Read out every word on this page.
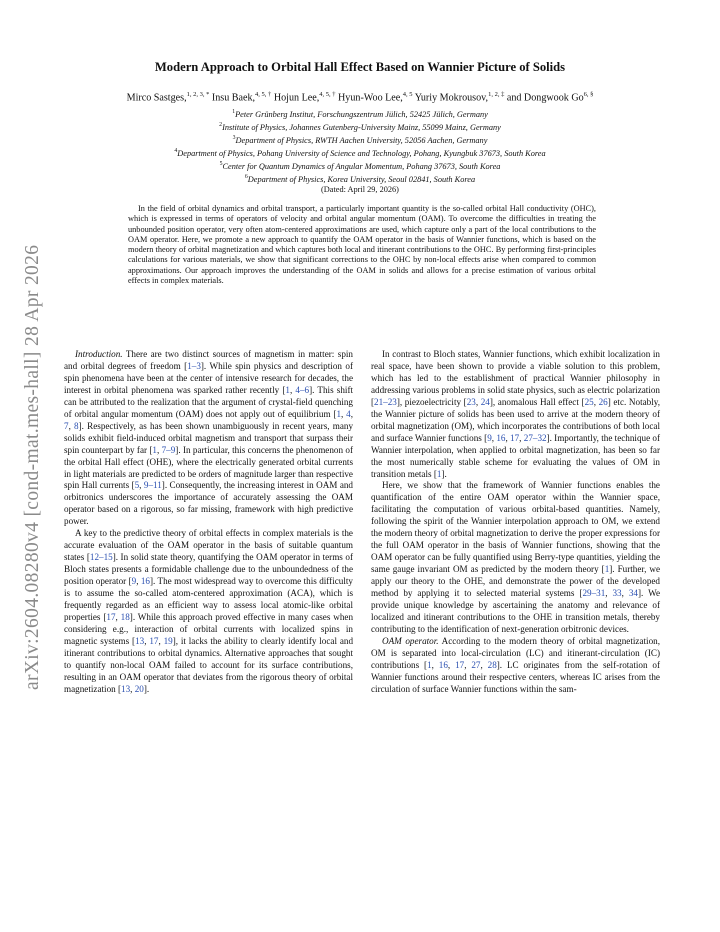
arXiv:2604.08280v4 [cond-mat.mes-hall] 28 Apr 2026
Modern Approach to Orbital Hall Effect Based on Wannier Picture of Solids
Mirco Sastges,$^{1, 2, 3, *}$ Insu Baek,$^{4, 5, \dagger}$ Hojun Lee,$^{4, 5, \dagger}$ Hyun-Woo Lee,$^{4, 5}$ Yuriy Mokrousov,$^{1, 2, \ddagger}$ and Dongwook $Go^{6, \S}$
$^1$Peter Grünberg Institut, Forschungszentrum Jülich, 52425 Jülich, Germany
$^2$Institute of Physics, Johannes Gutenberg-University Mainz, 55099 Mainz, Germany
$^3$Department of Physics, RWTH Aachen University, 52056 Aachen, Germany
$^4$Department of Physics, Pohang University of Science and Technology, Pohang, Kyungbuk 37673, South Korea
$^5$Center for Quantum Dynamics of Angular Momentum, Pohang 37673, South Korea
$^6$Department of Physics, Korea University, Seoul 02841, South Korea
(Dated: April 29, 2026)
In the field of orbital dynamics and orbital transport, a particularly important quantity is the so-called orbital Hall conductivity (OHC), which is expressed in terms of operators of velocity and orbital angular momentum (OAM). To overcome the difficulties in treating the unbounded position operator, very often atom-centered approximations are used, which capture only a part of the local contributions to the OAM operator. Here, we promote a new approach to quantify the OAM operator in the basis of Wannier functions, which is based on the modern theory of orbital magnetization and which captures both local and itinerant contributions to the OHC. By performing first-principles calculations for various materials, we show that significant corrections to the OHC by non-local effects arise when compared to common approximations. Our approach improves the understanding of the OAM in solids and allows for a precise estimation of various orbital effects in complex materials.

Introduction. There are two distinct sources of magnetism in matter: spin and orbital degrees of freedom [1–3]. While spin physics and description of spin phenomena have been at the center of intensive research for decades, the interest in orbital phenomena was sparked rather recently [1, 4–6]. This shift can be attributed to the realization that the argument of crystal-field quenching of orbital angular momentum (OAM) does not apply out of equilibrium [1, 4, 7, 8]. Respectively, as has been shown unambiguously in recent years, many solids exhibit field-induced orbital magnetism and transport that surpass their spin counterpart by far [1, 7–9]. In particular, this concerns the phenomenon of the orbital Hall effect (OHE), where the electrically generated orbital currents in light materials are predicted to be orders of magnitude larger than respective spin Hall currents [5, 9–11]. Consequently, the increasing interest in OAM and orbitronics underscores the importance of accurately assessing the OAM operator based on a rigorous, so far missing, framework with high predictive power.

A key to the predictive theory of orbital effects in complex materials is the accurate evaluation of the OAM operator in the basis of suitable quantum states [12–15]. In solid state theory, quantifying the OAM operator in terms of Bloch states presents a formidable challenge due to the unboundedness of the position operator [9, 16]. The most widespread way to overcome this difficulty is to assume the so-called atom-centered approximation (ACA), which is frequently regarded as an efficient way to assess local atomic-like orbital properties [17, 18]. While this approach proved effective in many cases when considering e.g., interaction of orbital currents with localized spins in magnetic systems [13, 17, 19], it lacks the ability to clearly identify local and itinerant contributions to orbital dynamics. Alternative approaches that sought to quantify non-local OAM failed to account for its surface contributions, resulting in an OAM operator that deviates from the rigorous theory of orbital magnetization [13, 20].

In contrast to Bloch states, Wannier functions, which exhibit localization in real space, have been shown to provide a viable solution to this problem, which has led to the establishment of practical Wannier philosophy in addressing various problems in solid state physics, such as electric polarization [21–23], piezoelectricity [23, 24], anomalous Hall effect [25, 26] etc. Notably, the Wannier picture of solids has been used to arrive at the modern theory of orbital magnetization (OM), which incorporates the contributions of both local and surface Wannier functions [9, 16, 17, 27–32]. Importantly, the technique of Wannier interpolation, when applied to orbital magnetization, has been so far the most numerically stable scheme for evaluating the values of OM in transition metals [1].

Here, we show that the framework of Wannier functions enables the quantification of the entire OAM operator within the Wannier space, facilitating the computation of various orbital-based quantities. Namely, following the spirit of the Wannier interpolation approach to OM, we extend the modern theory of orbital magnetization to derive the proper expressions for the full OAM operator in the basis of Wannier functions, showing that the OAM operator can be fully quantified using Berry-type quantities, yielding the same gauge invariant OM as predicted by the modern theory [1]. Further, we apply our theory to the OHE, and demonstrate the power of the developed method by applying it to selected material systems [29–31, 33, 34]. We provide unique knowledge by ascertaining the anatomy and relevance of localized and itinerant contributions to the OHE in transition metals, thereby contributing to the identification of next-generation orbitronic devices.

OAM operator. According to the modern theory of orbital magnetization, OM is separated into local-circulation (LC) and itinerant-circulation (IC) contributions [1, 16, 17, 27, 28]. LC originates from the self-rotation of Wannier functions around their respective centers, whereas IC arises from the circulation of surface Wannier functions within the sam-
